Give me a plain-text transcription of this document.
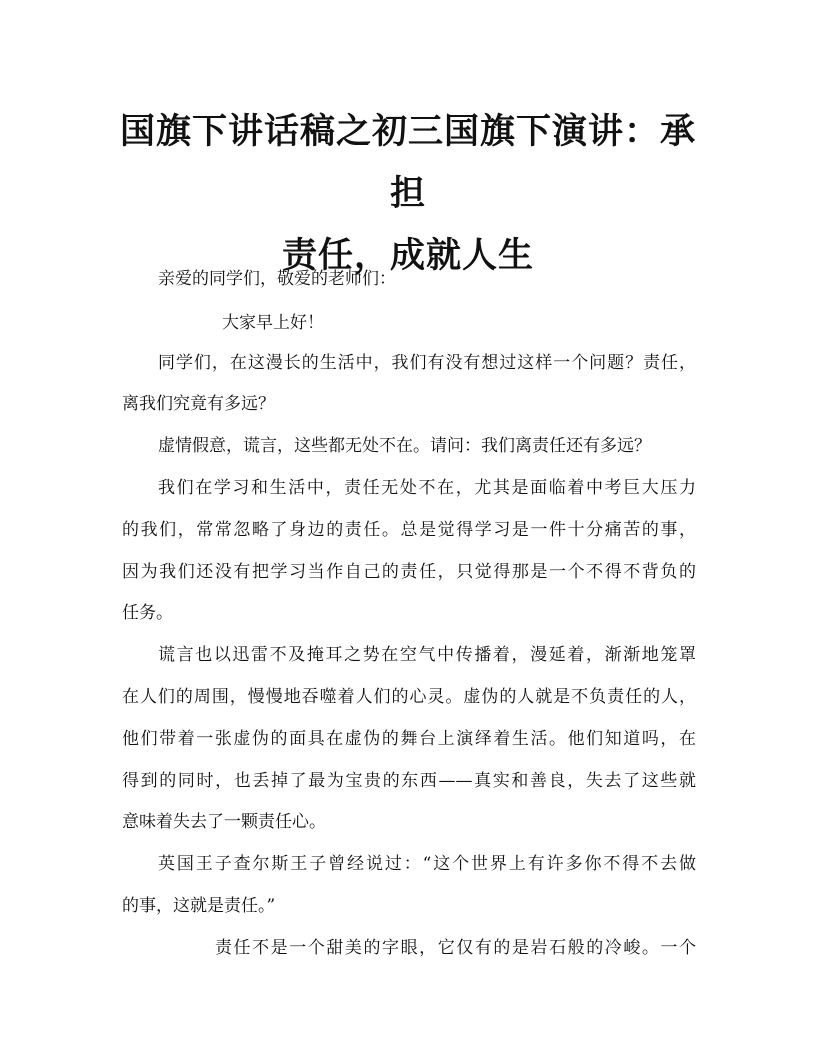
国旗下讲话稿之初三国旗下演讲：承担
责任，成就人生

亲爱的同学们，敬爱的老师们：

大家早上好！

同学们，在这漫长的生活中，我们有没有想过这样一个问题？责任，

离我们究竟有多远？

虚情假意，谎言，这些都无处不在。请问：我们离责任还有多远？

我们在学习和生活中，责任无处不在，尤其是面临着中考巨大压力

的我们，常常忽略了身边的责任。总是觉得学习是一件十分痛苦的事，

因为我们还没有把学习当作自己的责任，只觉得那是一个不得不背负的

任务。

谎言也以迅雷不及掩耳之势在空气中传播着，漫延着，渐渐地笼罩

在人们的周围，慢慢地吞噬着人们的心灵。虚伪的人就是不负责任的人，

他们带着一张虚伪的面具在虚伪的舞台上演绎着生活。他们知道吗，在

得到的同时，也丢掉了最为宝贵的东西——真实和善良，失去了这些就

意味着失去了一颗责任心。

英国王子查尔斯王子曾经说过：“这个世界上有许多你不得不去做

的事，这就是责任。”

责任不是一个甜美的字眼，它仅有的是岩石般的冷峻。一个
